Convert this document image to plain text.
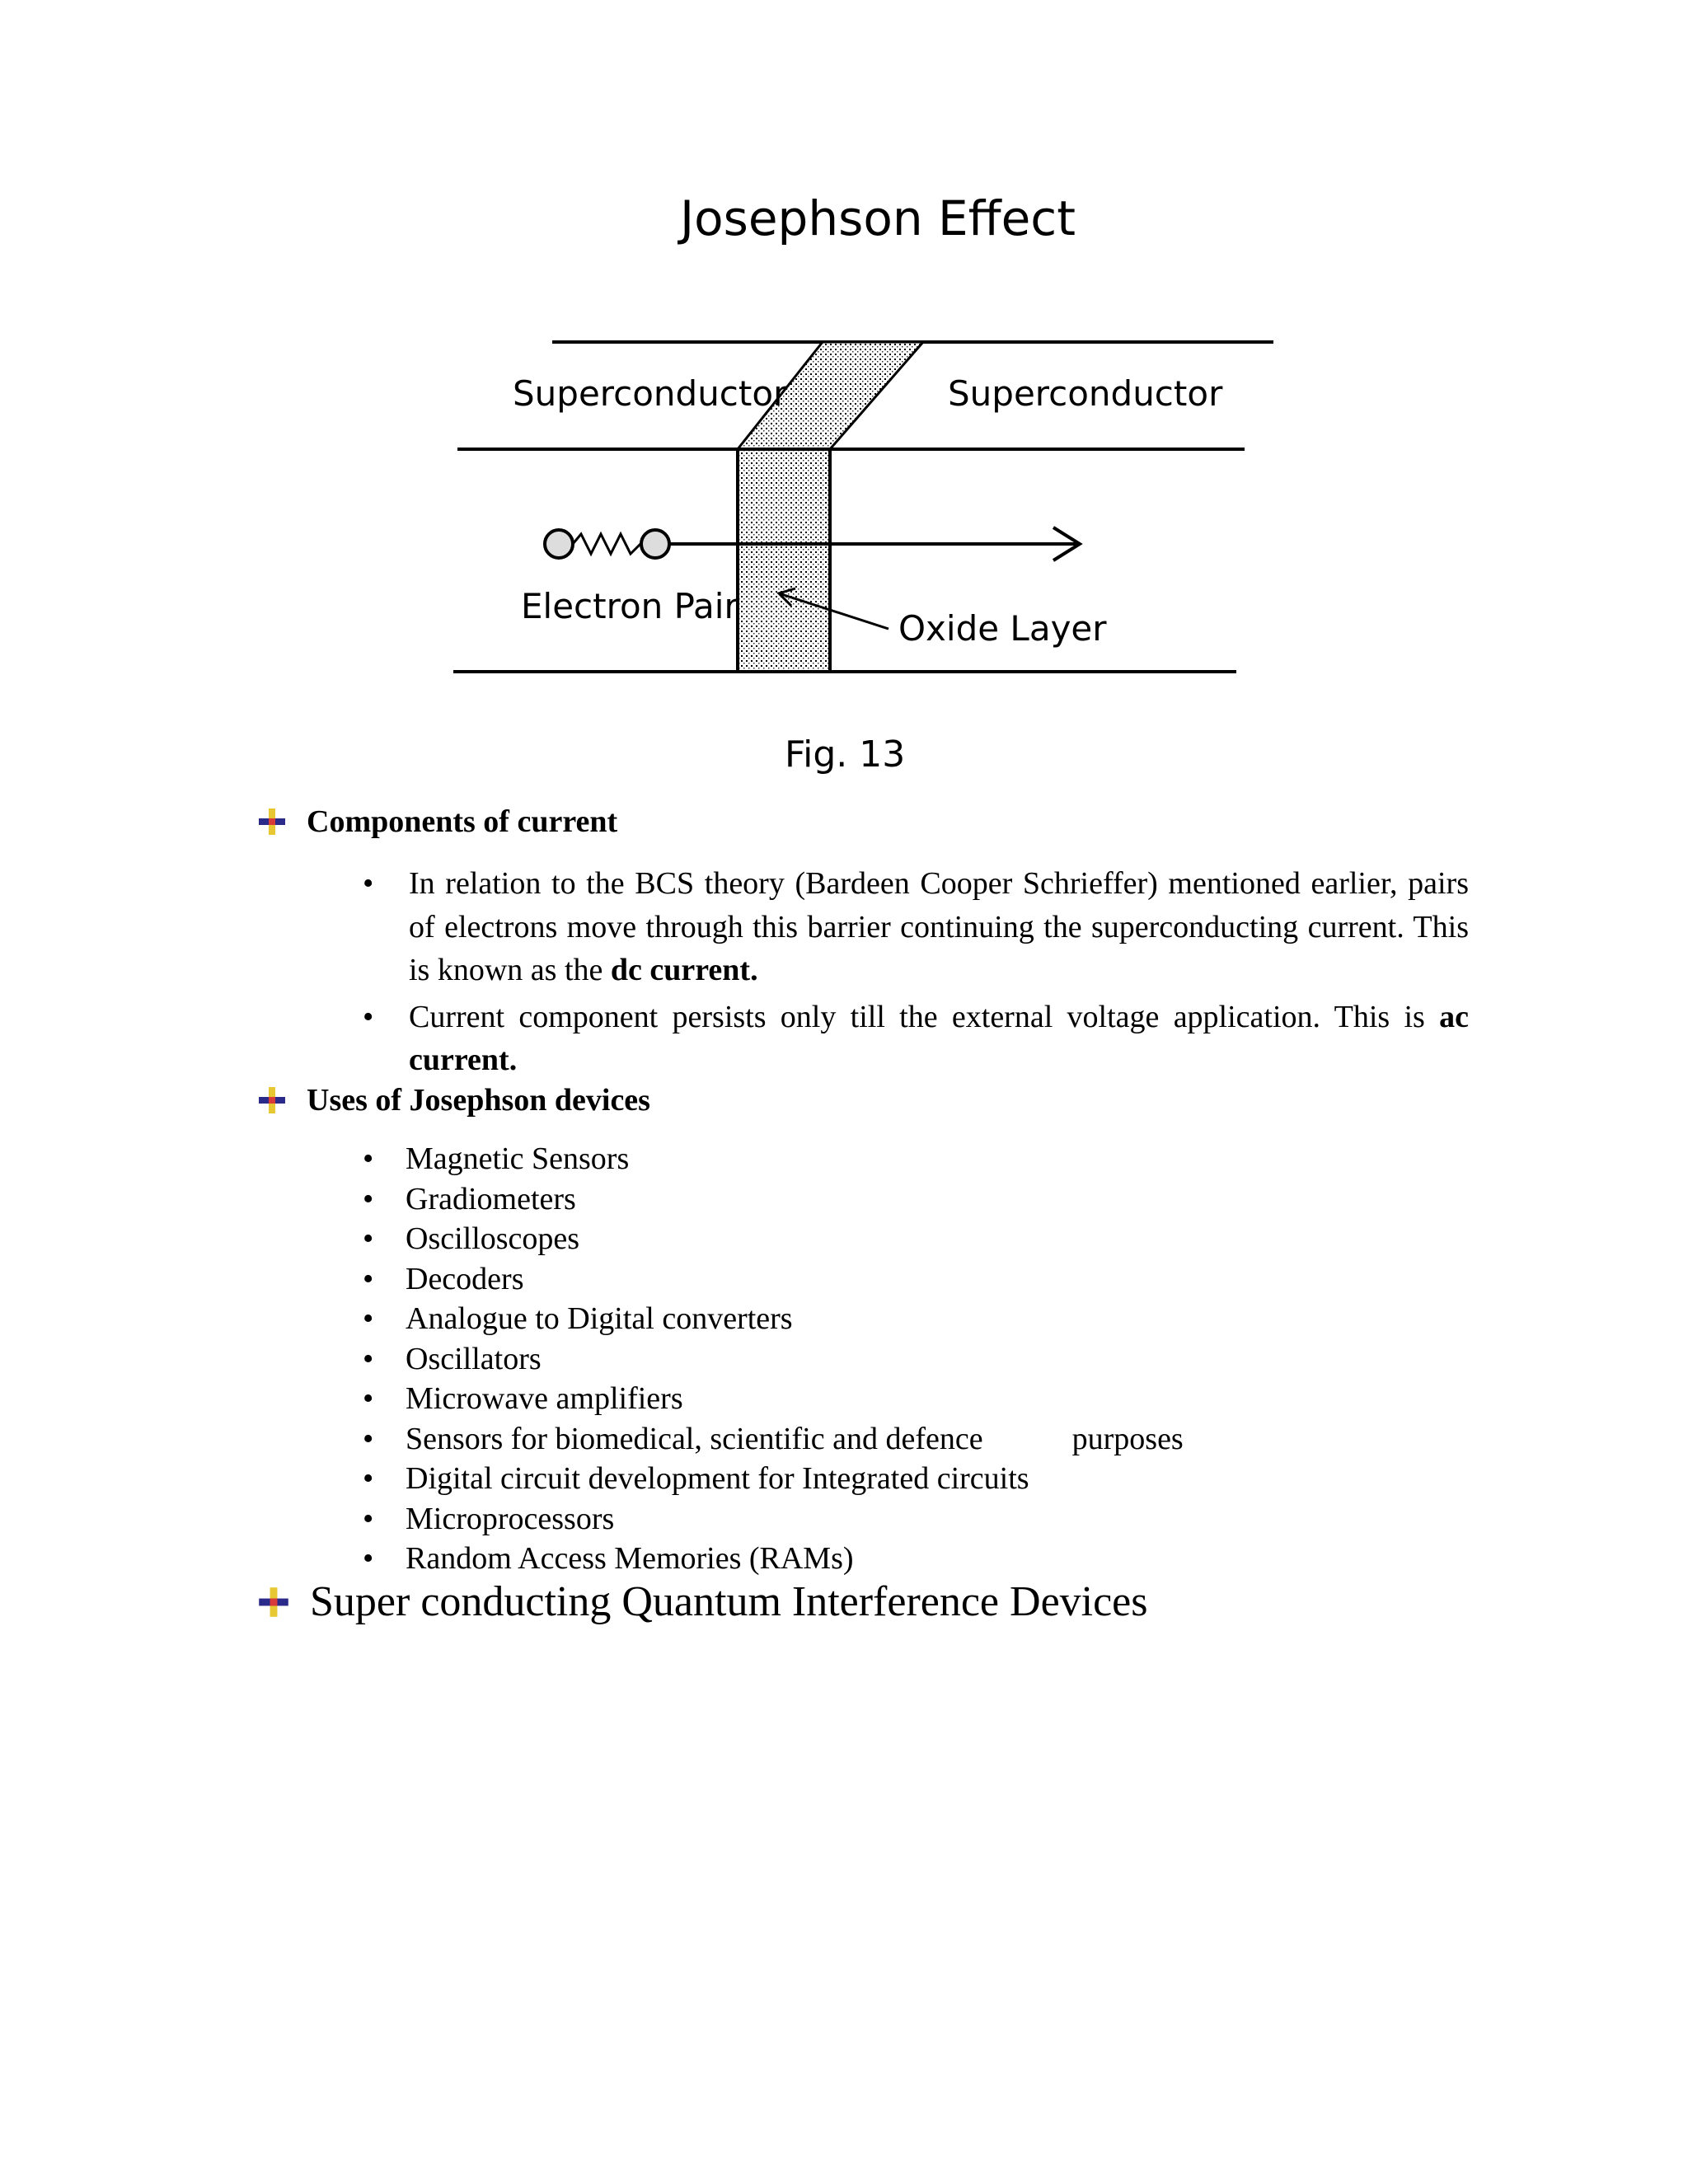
Josephson Effect
Superconductor	Superconductor
Electron Pair
Oxide Layer
Fig. 13
Components of current
• In relation to the BCS theory (Bardeen Cooper Schrieffer) mentioned earlier, pairs of electrons move through this barrier continuing the superconducting current. This is known as the dc current.
• Current component persists only till the external voltage application. This is ac current.
Uses of Josephson devices
• Magnetic Sensors
• Gradiometers
• Oscilloscopes
• Decoders
• Analogue to Digital converters
• Oscillators
• Microwave amplifiers
• Sensors for biomedical, scientific and defence	purposes
• Digital circuit development for Integrated circuits
• Microprocessors
• Random Access Memories (RAMs)
Super conducting Quantum Interference Devices
